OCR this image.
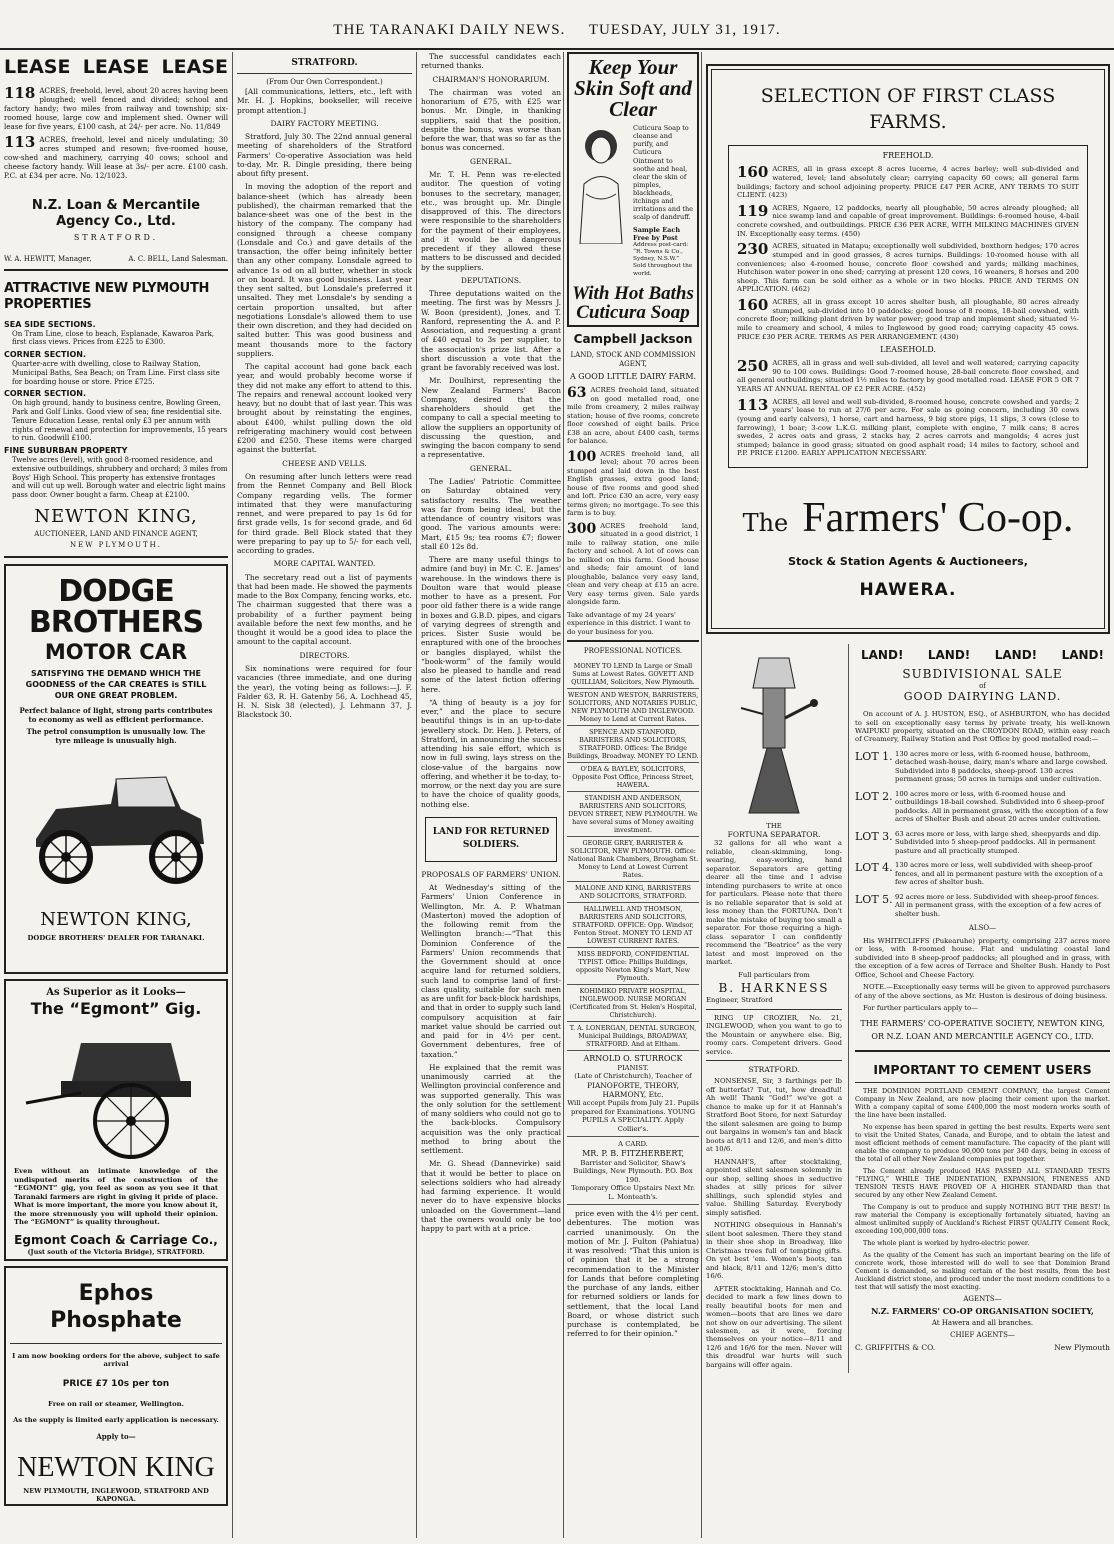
THE TARANAKI DAILY NEWS. TUESDAY, JULY 31, 1917.
LEASE LEASE LEASE
118 ACRES, freehold, level, about 20 acres having been ploughed; well fenced and divided; school and factory handy; two miles from railway and township; six-roomed house, large cow and implement shed. Owner will lease for five years, £100 cash, at 24/- per acre. No. 11/849
113 ACRES, freehold, level and nicely undulating; 30 acres stumped and resown; five-roomed house, cow-shed and machinery, carrying 40 cows; school and cheese factory handy. Will lease at 3s/- per acre. £100 cash. P.C. at £34 per acre. No. 12/1023.
N.Z. Loan & Mercantile Agency Co., Ltd.
STRATFORD.
W. A. HEWITT, Manager,	A. C. BELL, Land Salesman.
ATTRACTIVE NEW PLYMOUTH PROPERTIES
SEA SIDE SECTIONS.
On Tram Line, close to beach, Esplanade, Kawaroa Park, first class views. Prices from £225 to £300.
CORNER SECTION.
Quarter-acre with dwelling, close to Railway Station, Municipal Baths, Sea Beach; on Tram Line. First class site for boarding house or store. Price £725.
CORNER SECTION.
On high ground, handy to business centre, Bowling Green, Park and Golf Links. Good view of sea; fine residential site. Tenure Education Lease, rental only £3 per annum with rights of renewal and protection for improvements, 15 years to run. Goodwill £100.
FINE SUBURBAN PROPERTY
Twelve acres (level), with good 8-roomed residence, and extensive outbuildings, shrubbery and orchard; 3 miles from Boys' High School. This property has extensive frontages and will cut up well. Borough water and electric light mains pass door. Owner bought a farm. Cheap at £2100.
NEWTON KING,
AUCTIONEER, LAND AND FINANCE AGENT,
NEW PLYMOUTH.
DODGE BROTHERS
MOTOR CAR
SATISFYING THE DEMAND WHICH THE GOODNESS of the CAR CREATES is STILL OUR ONE GREAT PROBLEM.
Perfect balance of light, strong parts contributes to economy as well as efficient performance.
The petrol consumption is unusually low. The tyre mileage is unusually high.
NEWTON KING,
DODGE BROTHERS' DEALER FOR TARANAKI.
As Superior as it Looks—
The “Egmont” Gig.
Even without an intimate knowledge of the undisputed merits of the construction of the “EGMONT” gig, you feel as soon as you see it that Taranaki farmers are right in giving it pride of place. What is more important, the more you know about it, the more strenuously you will uphold their opinion. The “EGMONT” is quality throughout.
Egmont Coach & Carriage Co.,
(Just south of the Victoria Bridge), STRATFORD.
Ephos Phosphate
I am now booking orders for the above, subject to safe arrival
PRICE £7 10s per ton
Free on rail or steamer, Wellington.
As the supply is limited early application is necessary.
Apply to—
NEWTON KING
NEW PLYMOUTH, INGLEWOOD, STRATFORD AND KAPONGA.
STRATFORD.
(From Our Own Correspondent.)

[All communications, letters, etc., left with Mr. H. J. Hopkins, bookseller, will receive prompt attention.]

DAIRY FACTORY MEETING.

Stratford, July 30. The 22nd annual general meeting of shareholders of the Stratford Farmers' Co-operative Association was held to-day, Mr. R. Dingle presiding, there being about fifty present.

In moving the adoption of the report and balance-sheet (which has already been published), the chairman remarked that the balance-sheet was one of the best in the history of the company. The company had consigned through a cheese company (Lonsdale and Co.) and gave details of the transaction, the offer being infinitely better than any other company. Lonsdale agreed to advance 1s od on all butter, whether in stock or on board. It was good business. Last year they sent salted, but Lonsdale's preferred it unsalted. They met Lonsdale's by sending a certain proportion unsalted, but after negotiations Lonsdale's allowed them to use their own discretion, and they had decided on salted butter. This was good business and meant thousands more to the factory suppliers.

The capital account had gone back each year, and would probably become worse if they did not make any effort to attend to this. The repairs and renewal account looked very heavy, but no doubt that of last year. This was brought about by reinstating the engines, about £400, whilst pulling down the old refrigerating machinery would cost between £200 and £250. These items were charged against the butterfat.

CHEESE AND VELLS.

On resuming after lunch letters were read from the Rennet Company and Bell Block Company regarding vells. The former intimated that they were manufacturing rennet, and were prepared to pay 1s 6d for first grade vells, 1s for second grade, and 6d for third grade. Bell Block stated that they were preparing to pay up to 5/- for each vell, according to grades.

MORE CAPITAL WANTED.

The secretary read out a list of payments that had been made. He showed the payments made to the Box Company, fencing works, etc. The chairman suggested that there was a probability of a further payment being available before the next few months, and he thought it would be a good idea to place the amount to the capital account.

DIRECTORS.

Six nominations were required for four vacancies (three immediate, and one during the year), the voting being as follows:—J. F. Falder 63, R. H. Gatenby 56, A. Lochhead 45, H. N. Sisk 38 (elected), J. Lehmann 37, J. Blackstock 30.

The successful candidates each returned thanks.

CHAIRMAN'S HONORARIUM.

The chairman was voted an honorarium of £75, with £25 war bonus. Mr. Dingle, in thanking suppliers, said that the position, despite the bonus, was worse than before the war, that was so far as the bonus was concerned.

GENERAL.

Mr. T. H. Penn was re-elected auditor. The question of voting bonuses to the secretary, manager, etc., was brought up. Mr. Dingle disapproved of this. The directors were responsible to the shareholders for the payment of their employees, and it would be a dangerous precedent if they allowed these matters to be discussed and decided by the suppliers.

DEPUTATIONS.

Three deputations waited on the meeting. The first was by Messrs J. W. Boon (president), Jones, and T. Ranford, representing the A. and P. Association, and requesting a grant of £40 equal to 3s per supplier, to the association's prize list. After a short discussion a vote that the grant be favorably received was lost.

Mr. Doulhirst, representing the New Zealand Farmers' Bacon Company, desired that the shareholders should get the company to call a special meeting to allow the suppliers an opportunity of discussing the question, and swinging the bacon company to send a representative.

GENERAL.

The Ladies' Patriotic Committee on Saturday obtained very satisfactory results. The weather was far from being ideal, but the attendance of country visitors was good. The various amounts were: Mart, £15 9s; tea rooms £7; flower stall £0 12s 8d.

There are many useful things to admire (and buy) in Mr. C. E. James' warehouse. In the windows there is Doulton ware that would please mother to have as a present. For poor old father there is a wide range in boxes and G.B.D. pipes, and cigars of varying degrees of strength and prices. Sister Susie would be enraptured with one of the brooches or bangles displayed, whilst the “book-worm” of the family would also be pleased to handle and read some of the latest fiction offering here.

“A thing of beauty is a joy for ever,” and the place to secure beautiful things is in an up-to-date jewellery stock. Dr. Hen. J. Peters, of Stratford, in announcing the success attending his sale effort, which is now in full swing, lays stress on the close-value of the bargains now offering, and whether it be to-day, to-morrow, or the next day you are sure to have the choice of quality goods, nothing else.

LAND FOR RETURNED SOLDIERS.
PROPOSALS OF FARMERS' UNION.

At Wednesday's sitting of the Farmers' Union Conference in Wellington, Mr. A. P. Whatman (Masterton) moved the adoption of the following remit from the Wellington branch:—“That this Dominion Conference of the Farmers' Union recommends that the Government should at once acquire land for returned soldiers, such land to comprise land of first-class quality, suitable for such men as are unfit for back-block hardships, and that in order to supply such land compulsory acquisition at fair market value should be carried out and paid for in 4½ per cent. Government debentures, free of taxation.”

He explained that the remit was unanimously carried at the Wellington provincial conference and was supported generally. This was the only solution for the settlement of many soldiers who could not go to the back-blocks. Compulsory acquisition was the only practical method to bring about the settlement.

Mr. G. Shead (Dannevirke) said that it would be better to place on selections soldiers who had already had farming experience. It would never do to have expensive blocks unloaded on the Government—land that the owners would only be too happy to part with at a price.

Keep Your Skin Soft and Clear
Cuticura Soap to cleanse and purify, and Cuticura Ointment to soothe and heal, clear the skin of pimples, blackheads, itchings and irritations and the scalp of dandruff.
Sample Each Free by Post
Address post-card: “R. Towns & Co., Sydney, N.S.W.” Sold throughout the world.
With Hot Baths Cuticura Soap
Campbell Jackson
LAND, STOCK AND COMMISSION AGENT,
A GOOD LITTLE DAIRY FARM.
63 ACRES freehold land, situated on good metalled road, one mile from creamery, 2 miles railway station; house of five rooms, concrete floor cowshed of eight bails. Price £38 an acre, about £400 cash, terms for balance.
100 ACRES freehold land, all level; about 70 acres been stumped and laid down in the best English grasses, extra good land; house of five rooms and good shed and loft. Price £30 an acre, very easy terms given; no mortgage. To see this farm is to buy.
300 ACRES freehold land, situated in a good district, 1 mile to railway station, one mile factory and school. A lot of cows can be milked on this farm. Good house and sheds; fair amount of land ploughable, balance very easy land, clean and very cheap at £15 an acre. Very easy terms given. Sale yards alongside farm.
Take advantage of my 24 years' experience in this district. I want to do your business for you.
PROFESSIONAL NOTICES.
MONEY TO LEND In Large or Small Sums at Lowest Rates. GOVETT AND QUILLIAM, Solicitors, New Plymouth.
WESTON AND WESTON, BARRISTERS, SOLICITORS, AND NOTARIES PUBLIC, NEW PLYMOUTH AND INGLEWOOD. Money to Lend at Current Rates.
SPENCE AND STANFORD, BARRISTERS AND SOLICITORS, STRATFORD. Offices: The Bridge Buildings, Broadway. MONEY TO LEND.
O'DEA & BAYLEY, SOLICITORS, Opposite Post Office, Princess Street, HAWERA.
STANDISH AND ANDERSON, BARRISTERS AND SOLICITORS, DEVON STREET, NEW PLYMOUTH. We have several sums of Money awaiting investment.
GEORGE GREY, BARRISTER & SOLICITOR, NEW PLYMOUTH. Office: National Bank Chambers, Brougham St. Money to Lend at Lowest Current Rates.
MALONE AND KING, BARRISTERS AND SOLICITORS, STRATFORD.
HALLIWELL AND THOMSON, BARRISTERS AND SOLICITORS, STRATFORD. OFFICE: Opp. Windsor, Fenton Street. MONEY TO LEND AT LOWEST CURRENT RATES.
MISS BEDFORD, CONFIDENTIAL TYPIST. Office: Phillips Buildings, opposite Newton King's Mart, New Plymouth.
KOHIMIKO PRIVATE HOSPITAL, INGLEWOOD. NURSE MORGAN (Certificated from St. Helen's Hospital, Christchurch).
T. A. LONERGAN, DENTAL SURGEON, Municipal Buildings, BROADWAY, STRATFORD. And at Eltham.
ARNOLD O. STURROCK
PIANIST.
(Late of Christchurch), Teacher of
PIANOFORTE, THEORY, HARMONY, Etc.
Will accept Pupils from July 21. Pupils prepared for Examinations. YOUNG PUPILS A SPECIALITY. Apply Collier's.
A CARD.
MR. P. B. FITZHERBERT,
Barrister and Solicitor, Shaw's Buildings, New Plymouth. P.O. Box 190.
Temporary Office Upstairs Next Mr. L. Monteath's.

price even with the 4½ per cent. debentures. The motion was carried unanimously. On the motion of Mr. J. Fulton (Pahiatua) it was resolved: “That this union is of opinion that it be a strong recommendation to the Minister for Lands that before completing the purchase of any lands, either for returned soldiers or lands for settlement, that the local Land Board, or whose district such purchase is contemplated, be referred to for their opinion.”

SELECTION OF FIRST CLASS FARMS.
FREEHOLD.
160 ACRES, all in grass except 8 acres lucerne, 4 acres barley; well sub-divided and watered, level; land absolutely clear; carrying capacity 60 cows; all general farm buildings; factory and school adjoining property. PRICE £47 PER ACRE, ANY TERMS TO SUIT CLIENT. (423)
119 ACRES, Ngaere, 12 paddocks, nearly all ploughable, 50 acres already ploughed; all nice swamp land and capable of great improvement. Buildings: 6-roomed house, 4-bail concrete cowshed, and outbuildings. PRICE £36 PER ACRE, WITH MILKING MACHINES GIVEN IN. Exceptionally easy terms. (450)
230 ACRES, situated in Matapu; exceptionally well subdivided, boxthorn hedges; 170 acres stumped and in good grasses, 8 acres turnips. Buildings: 10-roomed house with all conveniences; also 4-roomed house, concrete floor cowshed and yards; milking machines, Hutchison water power in one shed; carrying at present 120 cows, 16 weaners, 8 horses and 200 sheep. This farm can be sold either as a whole or in two blocks. PRICE AND TERMS ON APPLICATION. (462)
160 ACRES, all in grass except 10 acres shelter bush, all ploughable, 80 acres already stumped, sub-divided into 10 paddocks; good house of 8 rooms, 18-bail cowshed, with concrete floor; milking plant driven by water power; good trap and implement shed; situated ½-mile to creamery and school, 4 miles to Inglewood by good road; carrying capacity 45 cows. PRICE £30 PER ACRE. TERMS AS PER ARRANGEMENT. (430)
LEASEHOLD.
250 ACRES, all in grass and well sub-divided, all level and well watered; carrying capacity 90 to 100 cows. Buildings: Good 7-roomed house, 28-bail concrete floor cowshed, and all general outbuildings; situated 1½ miles to factory by good metalled road. LEASE FOR 5 OR 7 YEARS AT ANNUAL RENTAL OF £2 PER ACRE. (452)
113 ACRES, all level and well sub-divided, 8-roomed house, concrete cowshed and yards; 2 years' lease to run at 27/6 per acre. For sale as going concern, including 30 cows (young and early calvers), 1 horse, cart and harness, 9 big store pigs, 11 slips, 3 cows (close to farrowing), 1 boar; 3-cow L.K.G. milking plant, complete with engine, 7 milk cans; 8 acres swedes, 2 acres oats and grass, 2 stacks hay, 2 acres carrots and mangolds; 4 acres just stumped; balance in good grass; situated on good asphalt road; 14 miles to factory, school and P.P. PRICE £1200. EARLY APPLICATION NECESSARY.
The Farmers' Co-op.
Stock & Station Agents & Auctioneers,
HAWERA.
THE
FORTUNA SEPARATOR.

32 gallons for all who want a reliable, clean-skimming, long-wearing, easy-working, hand separator. Separators are getting dearer all the time and I advise intending purchasers to write at once for particulars. Please note that there is no reliable separator that is sold at less money than the FORTUNA. Don't make the mistake of buying too small a separator. For those requiring a high-class separator I can confidently recommend the “Beatrice” as the very latest and most improved on the market.

Full particulars from
B. HARKNESS
Engineer, Stratford

RING UP CROZIER, No. 21, INGLEWOOD, when you want to go to the Mountain or anywhere else. Big, roomy cars. Competent drivers. Good service.

STRATFORD.

NONSENSE, Sir, 3 farthings per lb off butterfat? Tut, tut, how dreadful! Ah well! Thank “God!” we've got a chance to make up for it at Hannah's Stratford Boot Store, for next Saturday the silent salesmen are going to bump out bargains in women's tan and black boots at 8/11 and 12/6, and men's ditto at 10/6.

HANNAH'S, after stocktaking, appointed silent salesmen solemnly in our shop, selling shoes in seductive shades at silly prices for silver shillings, such splendid styles and value. Shilling Saturday. Everybody simply satisfied.

NOTHING obsequious in Hannah's silent boot salesmen. There they stand in their shoe shop in Broadway, like Christmas trees full of tempting gifts. On yet best 'em. Women's boots, tan and black, 8/11 and 12/6; men's ditto 16/6.

AFTER stocktaking, Hannah and Co. decided to mark a few lines down to really beautiful boots for men and women—boots that are lines we dare not show on our advertising. The silent salesmen, as it were, forcing themselves on your notice—8/11 and 12/6 and 16/6 for the men. Never will this dreadful war hurts will such bargains will offer again.

LAND! LAND! LAND! LAND!
SUBDIVISIONAL SALE
of
GOOD DAIRYING LAND.

On account of A. J. HUSTON, ESQ., of ASHBURTON, who has decided to sell on exceptionally easy terms by private treaty, his well-known WAIPUKU property, situated on the CROYDON ROAD, within easy reach of Creamery, Railway Station and Post Office by good metalled road:—

LOT 1. 130 acres more or less, with 6-roomed house, bathroom, detached wash-house, dairy, man's whare and large cowshed. Subdivided into 8 paddocks, sheep-proof. 130 acres permanent grass; 50 acres in turnips and under cultivation.
LOT 2. 100 acres more or less, with 6-roomed house and outbuildings 18-bail cowshed. Subdivided into 6 sheep-proof paddocks. All in permanent grass, with the exception of a few acres of Shelter Bush and about 20 acres under cultivation.
LOT 3. 63 acres more or less, with large shed, sheepyards and dip. Subdivided into 5 sheep-proof paddocks. All in permanent pasture and all practically stumped.
LOT 4. 130 acres more or less, well subdivided with sheep-proof fences, and all in permanent pasture with the exception of a few acres of shelter bush.
LOT 5. 92 acres more or less. Subdivided with sheep-proof fences. All in permanent grass, with the exception of a few acres of shelter bush.
ALSO—

His WHITECLIFFS (Pukearuhe) property, comprising 237 acres more or less, with 8-roomed house. Flat and undulating coastal land subdivided into 8 sheep-proof paddocks; all ploughed and in grass, with the exception of a few acres of Terrace and Shelter Bush. Handy to Post Office, School and Cheese Factory.

NOTE.—Exceptionally easy terms will be given to approved purchasers of any of the above sections, as Mr. Huston is desirous of doing business.

For further particulars apply to—

THE FARMERS' CO-OPERATIVE SOCIETY, NEWTON KING, OR N.Z. LOAN AND MERCANTILE AGENCY CO., LTD.
IMPORTANT TO CEMENT USERS

THE DOMINION PORTLAND CEMENT COMPANY, the largest Cement Company in New Zealand, are now placing their cement upon the market. With a company capital of some £400,000 the most modern works south of the line have been installed.

No expense has been spared in getting the best results. Experts were sent to visit the United States, Canada, and Europe, and to obtain the latest and most efficient methods of cement manufacture. The capacity of the plant will enable the company to produce 90,000 tons per 340 days, being in excess of the total of all other New Zealand companies put together.

The Cement already produced HAS PASSED ALL STANDARD TESTS “FLYING,” WHILE THE INDENTATION, EXPANSION, FINENESS AND TENSION TESTS HAVE PROVED OF A HIGHER STANDARD than that secured by any other New Zealand Cement.

The Company is out to produce and supply NOTHING BUT THE BEST! In raw material the Company is exceptionally fortunately situated, having an almost unlimited supply of Auckland's Richest FIRST QUALITY Cement Rock, exceeding 100,000,000 tons.

The whole plant is worked by hydro-electric power.

As the quality of the Cement has such an important bearing on the life of concrete work, those interested will do well to see that Dominion Brand Cement is demanded, so making certain of the best results, from the best Auckland district stone, and produced under the most modern conditions to a test that will satisfy the most exacting.

AGENTS—
N.Z. FARMERS' CO-OP ORGANISATION SOCIETY,
At Hawera and all branches.
CHIEF AGENTS—
C. GRIFFITHS & CO.	New Plymouth
